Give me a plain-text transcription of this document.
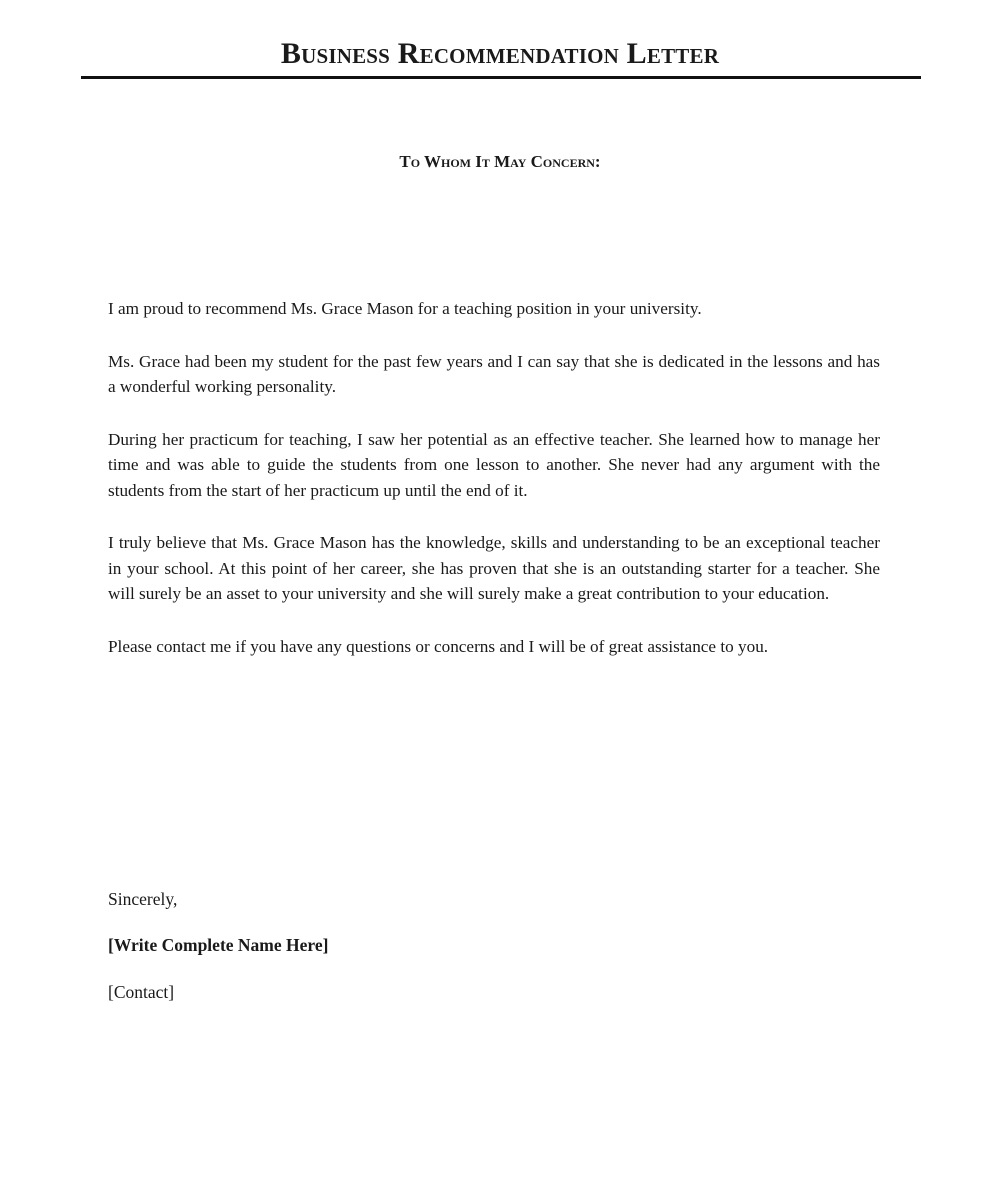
Business Recommendation Letter
To Whom It May Concern:

I am proud to recommend Ms. Grace Mason for a teaching position in your university.

Ms. Grace had been my student for the past few years and I can say that she is dedicated in the lessons and has a wonderful working personality.

During her practicum for teaching, I saw her potential as an effective teacher. She learned how to manage her time and was able to guide the students from one lesson to another. She never had any argument with the students from the start of her practicum up until the end of it.

I truly believe that Ms. Grace Mason has the knowledge, skills and understanding to be an exceptional teacher in your school. At this point of her career, she has proven that she is an outstanding starter for a teacher. She will surely be an asset to your university and she will surely make a great contribution to your education.

Please contact me if you have any questions or concerns and I will be of great assistance to you.

Sincerely,
[Write Complete Name Here]
[Contact]
